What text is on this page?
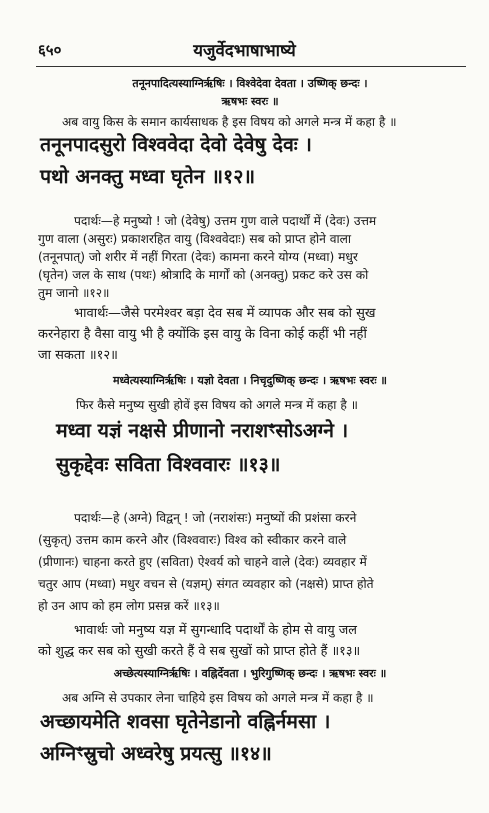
६५०	यजुर्वेदभाषाभाष्ये
तनूनपादित्यस्याग्निर्ऋषिः । विश्वेदेवा देवता । उष्णिक् छन्दः ।
ऋषभः स्वरः ॥
अब वायु किस के समान कार्यसाधक है इस विषय को अगले मन्त्र में कहा है ॥
तनूनपादसुरो विश्ववेदा देवो देवेषु देवः ।
पथो अनक्तु मध्वा घृतेन ॥१२॥
पदार्थः—हे मनुष्यो ! जो (देवेषु) उत्तम गुण वाले पदार्थों में (देवः) उत्तम
गुण वाला (असुरः) प्रकाशरहित वायु (विश्ववेदाः) सब को प्राप्त होने वाला
(तनूनपात्) जो शरीर में नहीं गिरता (देवः) कामना करने योग्य (मध्वा) मधुर
(घृतेन) जल के साथ (पथः) श्रोत्रादि के मार्गों को (अनक्तु) प्रकट करे उस को
तुम जानो ॥१२॥
भावार्थः—जैसे परमेश्वर बड़ा देव सब में व्यापक और सब को सुख
करनेहारा है वैसा वायु भी है क्योंकि इस वायु के विना कोई कहीं भी नहीं
जा सकता ॥१२॥
मध्वेत्यस्याग्निर्ऋषिः । यज्ञो देवता । निचृदुष्णिक् छन्दः । ऋषभः स्वरः ॥
फिर कैसे मनुष्य सुखी होवें इस विषय को अगले मन्त्र में कहा है ॥
मध्वा यज्ञं नक्षसे प्रीणानो नराशꣳसोऽअग्ने ।
सुकृद्देवः सविता विश्ववारः ॥१३॥
पदार्थः—हे (अग्ने) विद्वन् ! जो (नराशंसः) मनुष्यों की प्रशंसा करने
(सुकृत्) उत्तम काम करने और (विश्ववारः) विश्व को स्वीकार करने वाले
(प्रीणानः) चाहना करते हुए (सविता) ऐश्वर्य को चाहने वाले (देवः) व्यवहार में
चतुर आप (मध्वा) मधुर वचन से (यज्ञम्) संगत व्यवहार को (नक्षसे) प्राप्त होते
हो उन आप को हम लोग प्रसन्न करें ॥१३॥
भावार्थः जो मनुष्य यज्ञ में सुगन्धादि पदार्थों के होम से वायु जल
को शुद्ध कर सब को सुखी करते हैं वे सब सुखों को प्राप्त होते हैं ॥१३॥
अच्छेत्यस्याग्निर्ऋषिः । वह्निर्देवता । भुरिगुष्णिक् छन्दः । ऋषभः स्वरः ॥
अब अग्नि से उपकार लेना चाहिये इस विषय को अगले मन्त्र में कहा है ॥
अच्छायमेति शवसा घृतेनेडानो वह्निर्नमसा ।
अग्निꣳस्रुचो अध्वरेषु प्रयत्सु ॥१४॥
